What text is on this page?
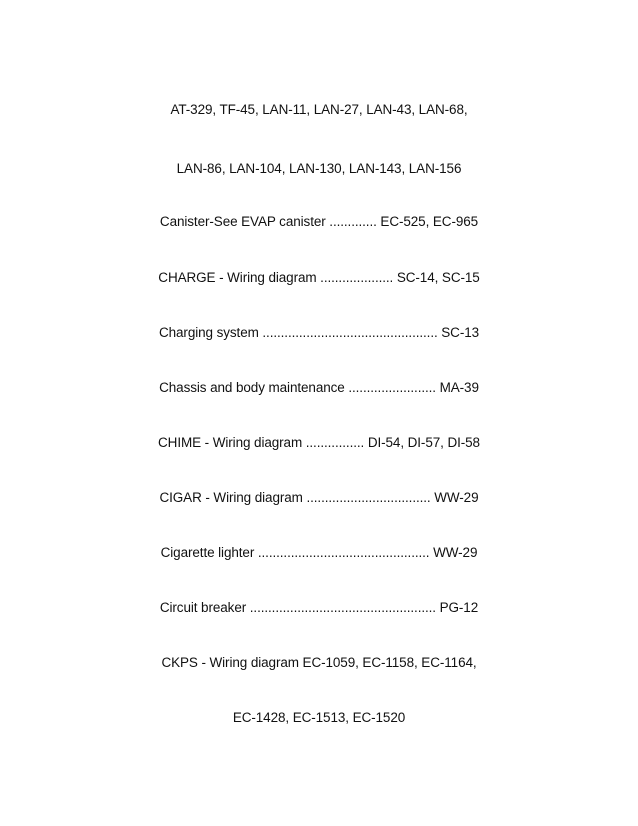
AT-329, TF-45, LAN-11, LAN-27, LAN-43, LAN-68,
LAN-86, LAN-104, LAN-130, LAN-143, LAN-156
Canister-See EVAP canister ............. EC-525, EC-965
CHARGE - Wiring diagram .................... SC-14, SC-15
Charging system ................................................ SC-13
Chassis and body maintenance ........................ MA-39
CHIME - Wiring diagram ................ DI-54, DI-57, DI-58
CIGAR - Wiring diagram .................................. WW-29
Cigarette lighter ............................................... WW-29
Circuit breaker ................................................... PG-12
CKPS - Wiring diagram EC-1059, EC-1158, EC-1164,
EC-1428, EC-1513, EC-1520
